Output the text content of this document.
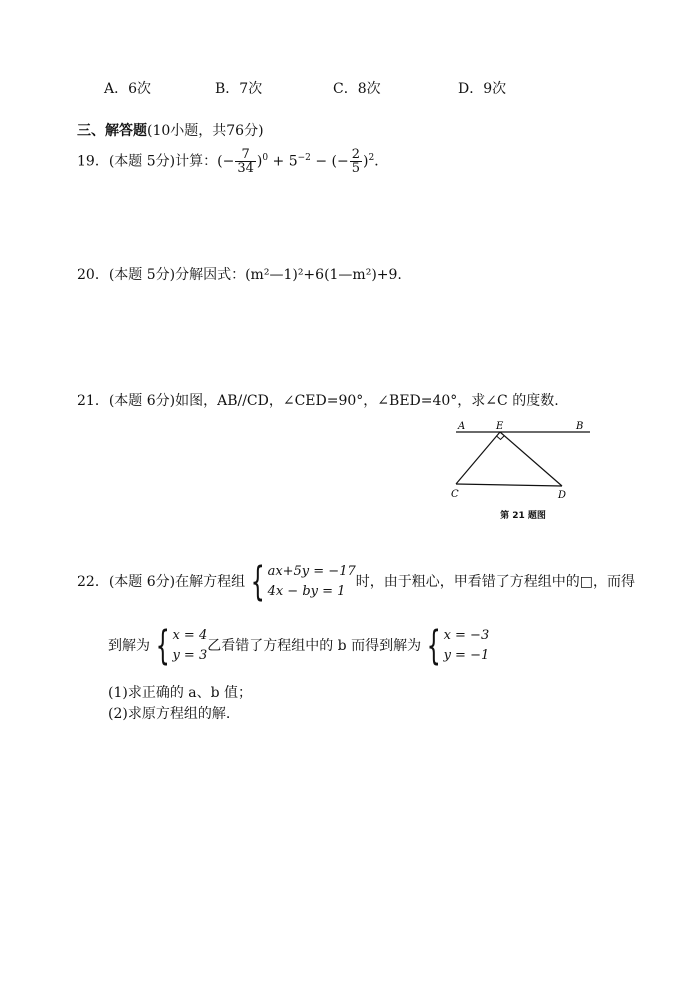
A．6次	B．7次	C．8次	D．9次
三、解答题(10小题，共76分)
19．(本题 5分)计算：(− $\frac{7}{34} )^0 + 5^{-2}$ − (− $\frac{2}{5} )^2$．
20．(本题 5分)分解因式：(m²—1)²+6(1—m²)+9.
21．(本题 6分)如图，AB//CD，∠CED=90°，∠BED=40°，求∠C 的度数.
A	E	B
C	D
第 21 题图
22．(本题 6分)在解方程组 { ax+5y = −17
4x − by = 1
时，由于粗心，甲看错了方程组中的□，而得
到解为 { x = 4
y = 3
乙看错了方程组中的 b 而得到解为 { x = −3
y = −1
(1)求正确的 a、b 值；
(2)求原方程组的解.
